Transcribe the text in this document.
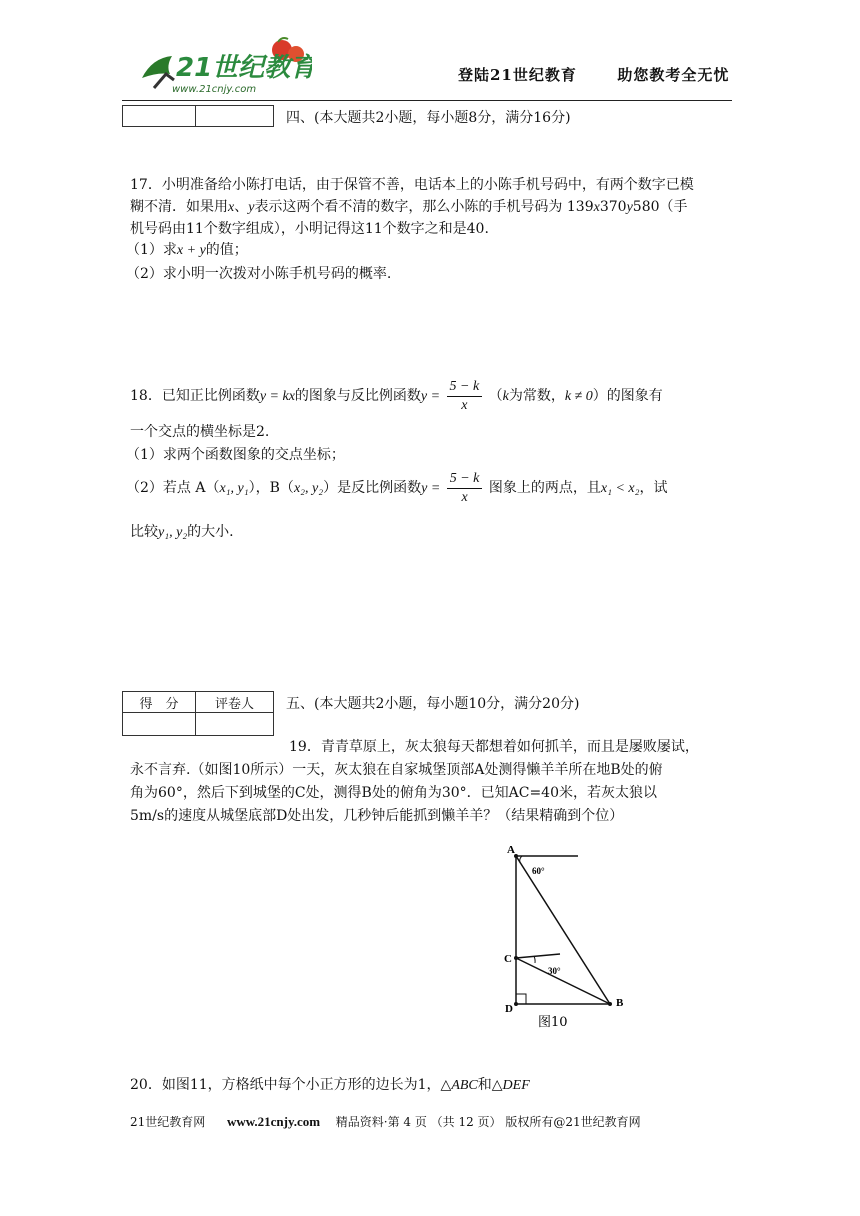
21世纪教育
www.21cnjy.com
登陆21世纪教育	助您教考全无忧

四、(本大题共2小题，每小题8分，满分16分)
17．小明准备给小陈打电话，由于保管不善，电话本上的小陈手机号码中，有两个数字已模
糊不清．如果用x、y表示这两个看不清的数字，那么小陈的手机号码为 139x370y580（手
机号码由11个数字组成），小明记得这11个数字之和是40.
（1）求x + y的值；
（2）求小明一次拨对小陈手机号码的概率.
18．已知正比例函数y = kx的图象与反比例函数$y = \frac{5 - k}{x} (k$为常数，k ≠ 0）的图象有
一个交点的横坐标是2.
（1）求两个函数图象的交点坐标；
（2）若点 A（x₁, y₁），B（x₂, y₂）是反比例函数$y = \frac{5 - k}{x}$ 图象上的两点，且x₁ < x₂，试
比较y₁, y₂的大小.
得　分	评卷人
	五、(本大题共2小题，每小题10分，满分20分)
19．青青草原上，灰太狼每天都想着如何抓羊，而且是屡败屡试，
永不言弃.（如图10所示）一天，灰太狼在自家城堡顶部A处测得懒羊羊所在地B处的俯
角为60°，然后下到城堡的C处，测得B处的俯角为30°．已知AC=40米，若灰太狼以
5m/s的速度从城堡底部D处出发，几秒钟后能抓到懒羊羊？（结果精确到个位）
A
60°
C
30°
D	B
图10
20．如图11，方格纸中每个小正方形的边长为1，△ABC和△DEF
21世纪教育网 www.21cnjy.com 精品资料·第 4 页 （共 12 页） 版权所有@21世纪教育网
